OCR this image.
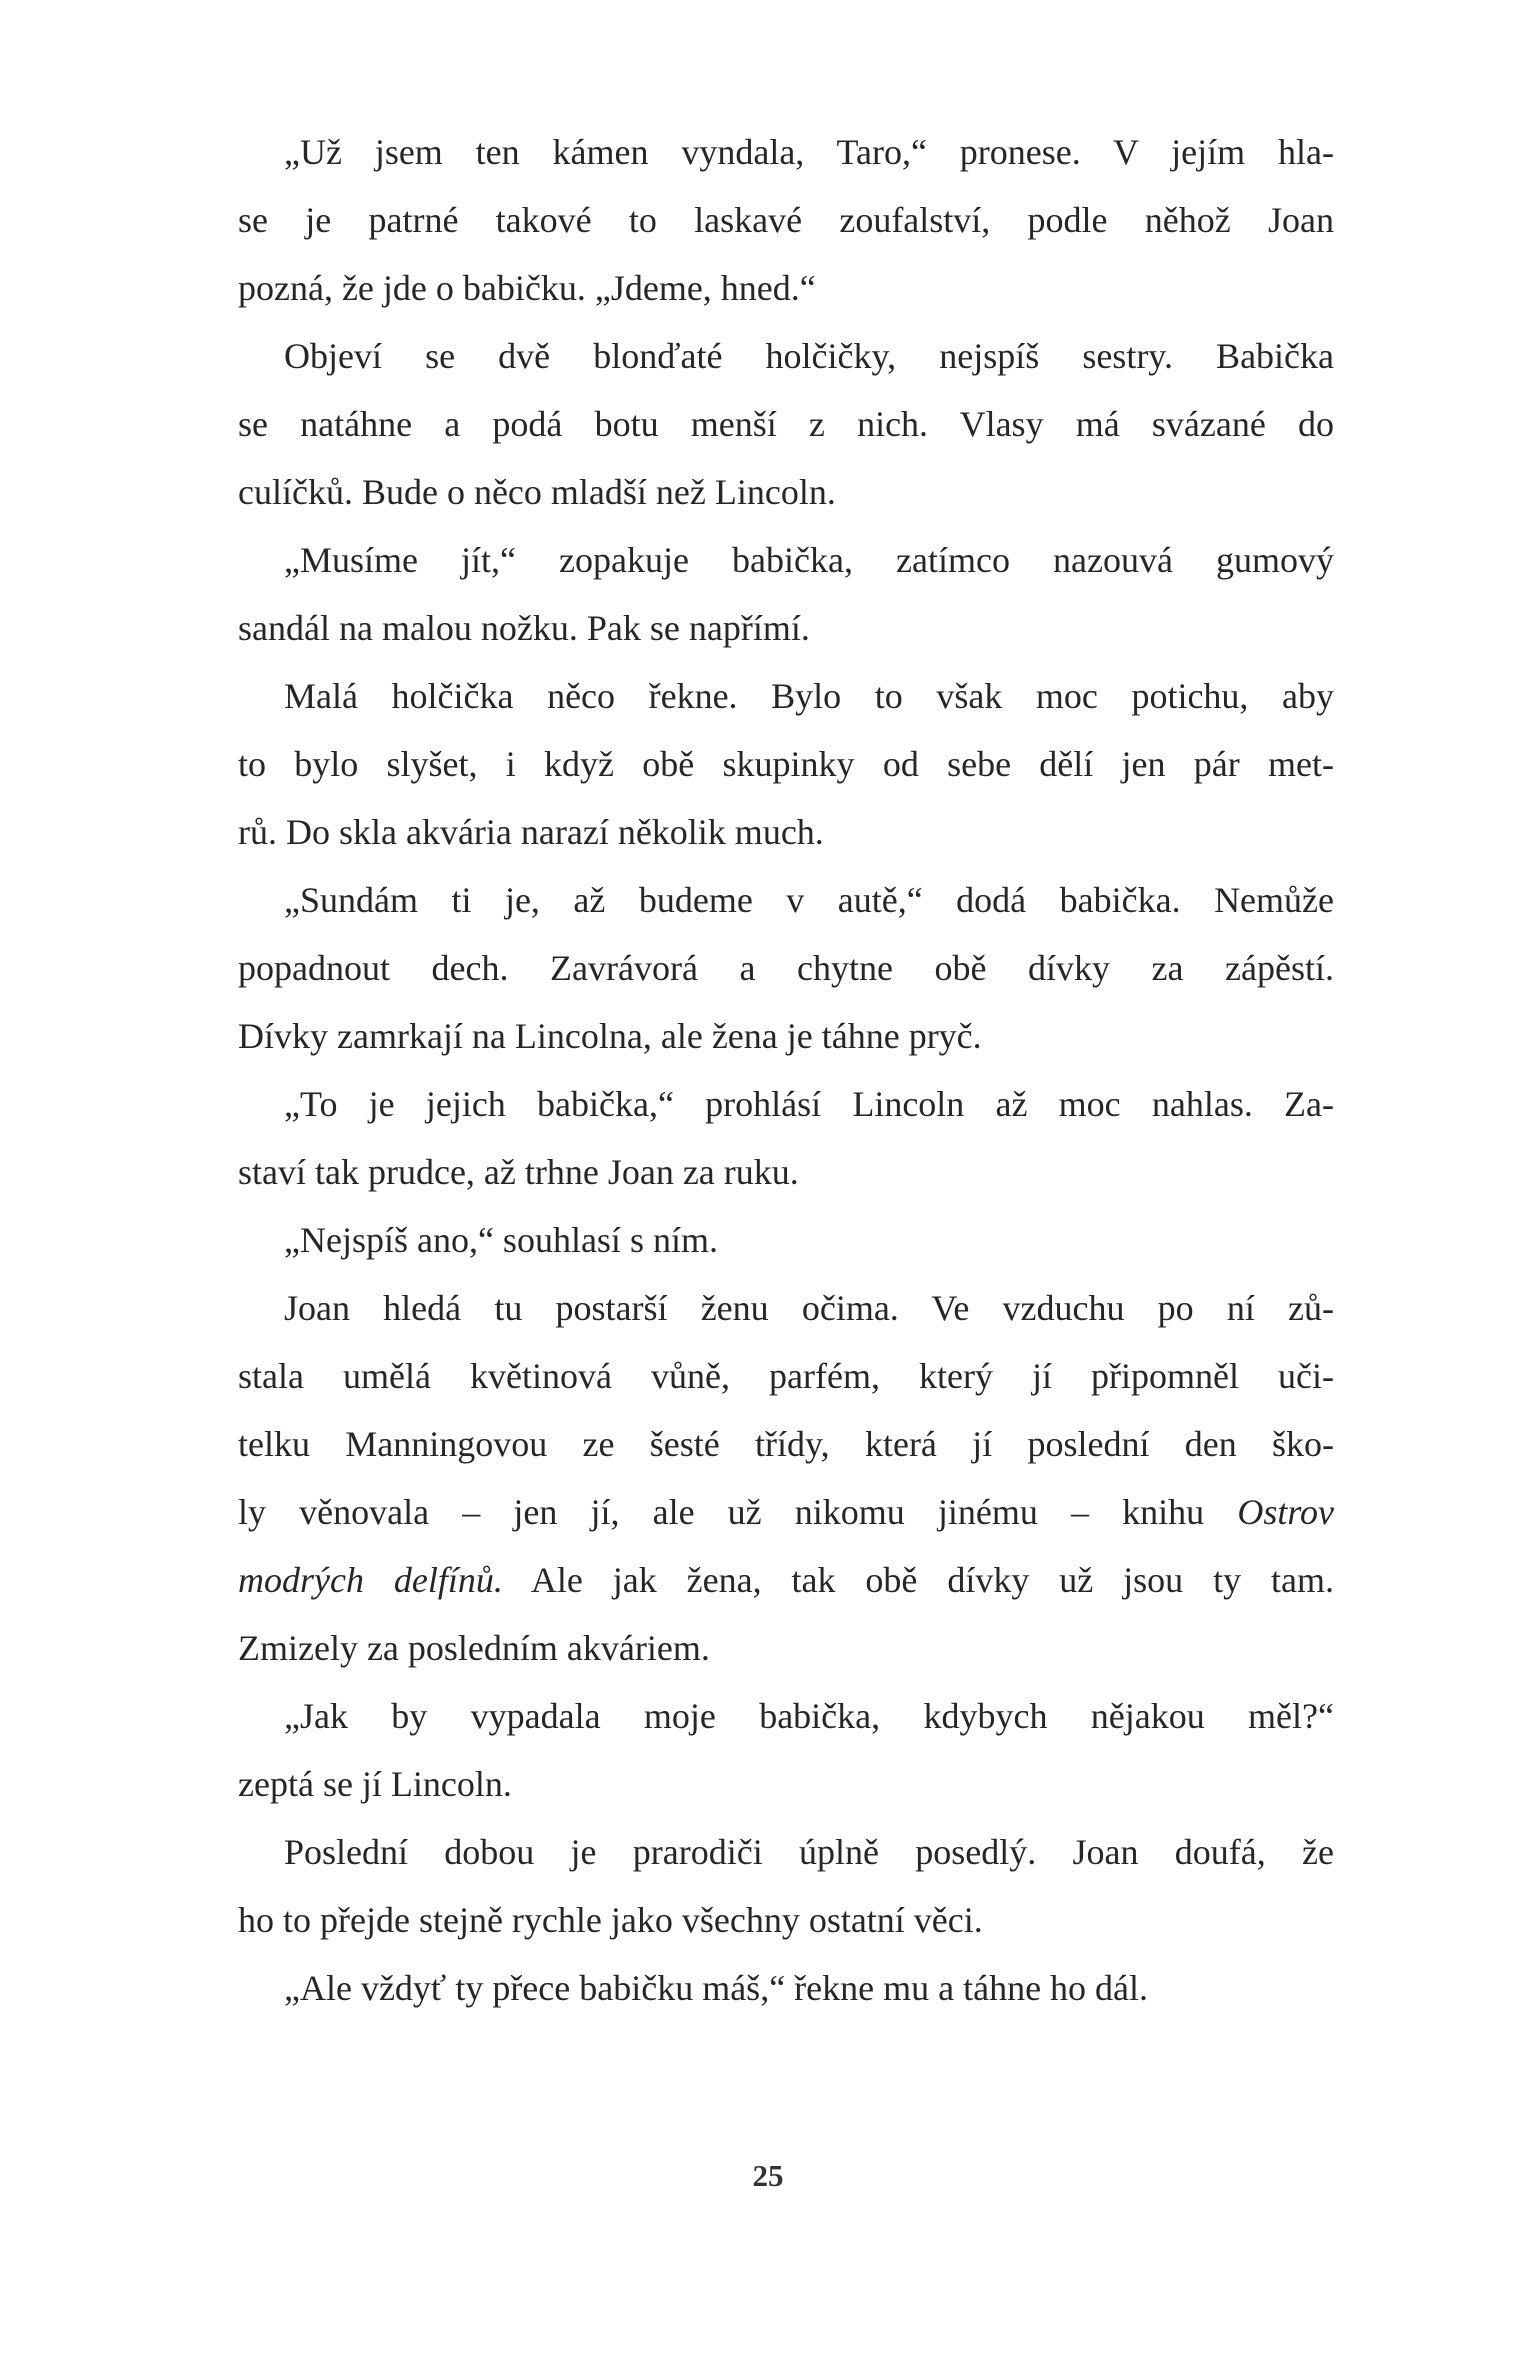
„Už jsem ten kámen vyndala, Taro,“ pronese. V jejím hla-
se je patrné takové to laskavé zoufalství, podle něhož Joan
pozná, že jde o babičku. „Jdeme, hned.“

Objeví se dvě blonďaté holčičky, nejspíš sestry. Babička
se natáhne a podá botu menší z nich. Vlasy má svázané do
culíčků. Bude o něco mladší než Lincoln.

„Musíme jít,“ zopakuje babička, zatímco nazouvá gumový
sandál na malou nožku. Pak se napřímí.

Malá holčička něco řekne. Bylo to však moc potichu, aby
to bylo slyšet, i když obě skupinky od sebe dělí jen pár met-
rů. Do skla akvária narazí několik much.

„Sundám ti je, až budeme v autě,“ dodá babička. Nemůže
popadnout dech. Zavrávorá a chytne obě dívky za zápěstí.
Dívky zamrkají na Lincolna, ale žena je táhne pryč.

„To je jejich babička,“ prohlásí Lincoln až moc nahlas. Za-
staví tak prudce, až trhne Joan za ruku.

„Nejspíš ano,“ souhlasí s ním.

Joan hledá tu postarší ženu očima. Ve vzduchu po ní zů-
stala umělá květinová vůně, parfém, který jí připomněl uči-
telku Manningovou ze šesté třídy, která jí poslední den ško-
ly věnovala – jen jí, ale už nikomu jinému – knihu Ostrov
modrých delfínů. Ale jak žena, tak obě dívky už jsou ty tam.
Zmizely za posledním akváriem.

„Jak by vypadala moje babička, kdybych nějakou měl?“
zeptá se jí Lincoln.

Poslední dobou je prarodiči úplně posedlý. Joan doufá, že
ho to přejde stejně rychle jako všechny ostatní věci.

„Ale vždyť ty přece babičku máš,“ řekne mu a táhne ho dál.

25
